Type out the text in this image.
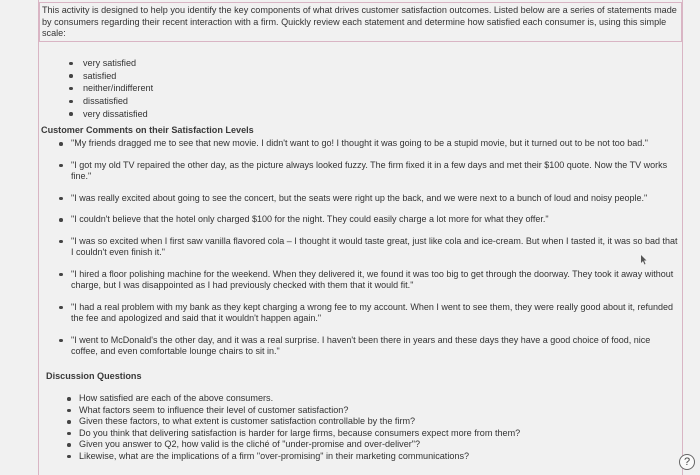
This activity is designed to help you identify the key components of what drives customer satisfaction outcomes. Listed below are a series of statements made by consumers regarding their recent interaction with a firm. Quickly review each statement and determine how satisfied each consumer is, using this simple scale:
very satisfied
satisfied
neither/indifferent
dissatisfied
very dissatisfied
Customer Comments on their Satisfaction Levels
"My friends dragged me to see that new movie. I didn't want to go! I thought it was going to be a stupid movie, but it turned out to be not too bad."
"I got my old TV repaired the other day, as the picture always looked fuzzy. The firm fixed it in a few days and met their $100 quote. Now the TV works fine."
"I was really excited about going to see the concert, but the seats were right up the back, and we were next to a bunch of loud and noisy people."
"I couldn't believe that the hotel only charged $100 for the night. They could easily charge a lot more for what they offer."
"I was so excited when I first saw vanilla flavored cola – I thought it would taste great, just like cola and ice-cream. But when I tasted it, it was so bad that I couldn't even finish it."
"I hired a floor polishing machine for the weekend. When they delivered it, we found it was too big to get through the doorway. They took it away without charge, but I was disappointed as I had previously checked with them that it would fit."
"I had a real problem with my bank as they kept charging a wrong fee to my account. When I went to see them, they were really good about it, refunded the fee and apologized and said that it wouldn't happen again."
"I went to McDonald's the other day, and it was a real surprise. I haven't been there in years and these days they have a good choice of food, nice coffee, and even comfortable lounge chairs to sit in."
Discussion Questions
How satisfied are each of the above consumers.
What factors seem to influence their level of customer satisfaction?
Given these factors, to what extent is customer satisfaction controllable by the firm?
Do you think that delivering satisfaction is harder for large firms, because consumers expect more from them?
Given you answer to Q2, how valid is the cliché of "under-promise and over-deliver"?
Likewise, what are the implications of a firm "over-promising" in their marketing communications?
?
